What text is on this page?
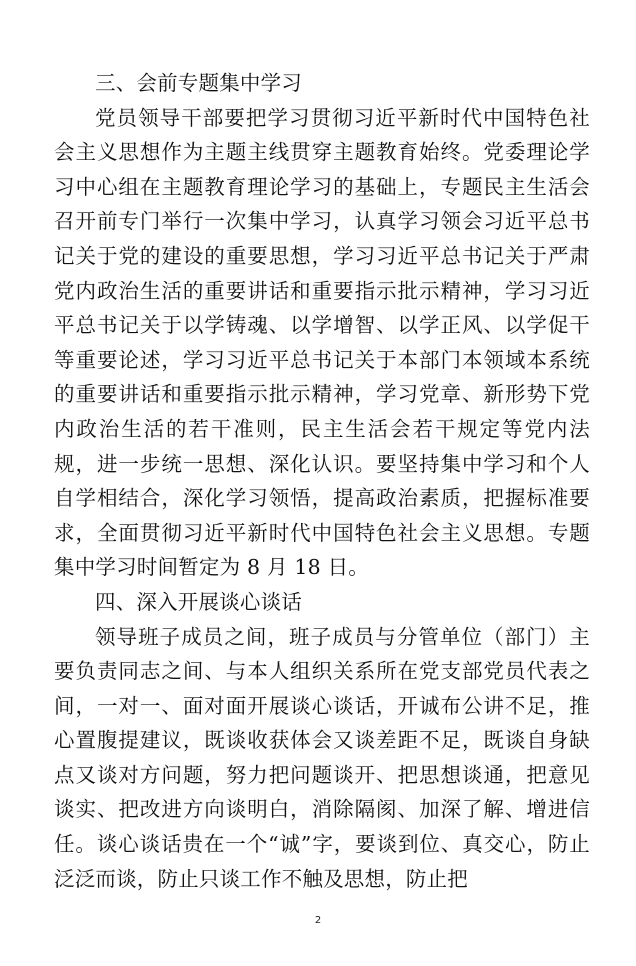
三、会前专题集中学习

党员领导干部要把学习贯彻习近平新时代中国特色社会主义思想作为主题主线贯穿主题教育始终。党委理论学习中心组在主题教育理论学习的基础上，专题民主生活会召开前专门举行一次集中学习，认真学习领会习近平总书记关于党的建设的重要思想，学习习近平总书记关于严肃党内政治生活的重要讲话和重要指示批示精神，学习习近平总书记关于以学铸魂、以学增智、以学正风、以学促干等重要论述，学习习近平总书记关于本部门本领域本系统的重要讲话和重要指示批示精神，学习党章、新形势下党内政治生活的若干准则，民主生活会若干规定等党内法规，进一步统一思想、深化认识。要坚持集中学习和个人自学相结合，深化学习领悟，提高政治素质，把握标准要求，全面贯彻习近平新时代中国特色社会主义思想。专题集中学习时间暂定为 8 月 18 日。

四、深入开展谈心谈话

领导班子成员之间，班子成员与分管单位（部门）主要负责同志之间、与本人组织关系所在党支部党员代表之间，一对一、面对面开展谈心谈话，开诚布公讲不足，推心置腹提建议，既谈收获体会又谈差距不足，既谈自身缺点又谈对方问题，努力把问题谈开、把思想谈通，把意见谈实、把改进方向谈明白，消除隔阂、加深了解、增进信任。谈心谈话贵在一个“诚”字，要谈到位、真交心，防止泛泛而谈，防止只谈工作不触及思想，防止把

2
